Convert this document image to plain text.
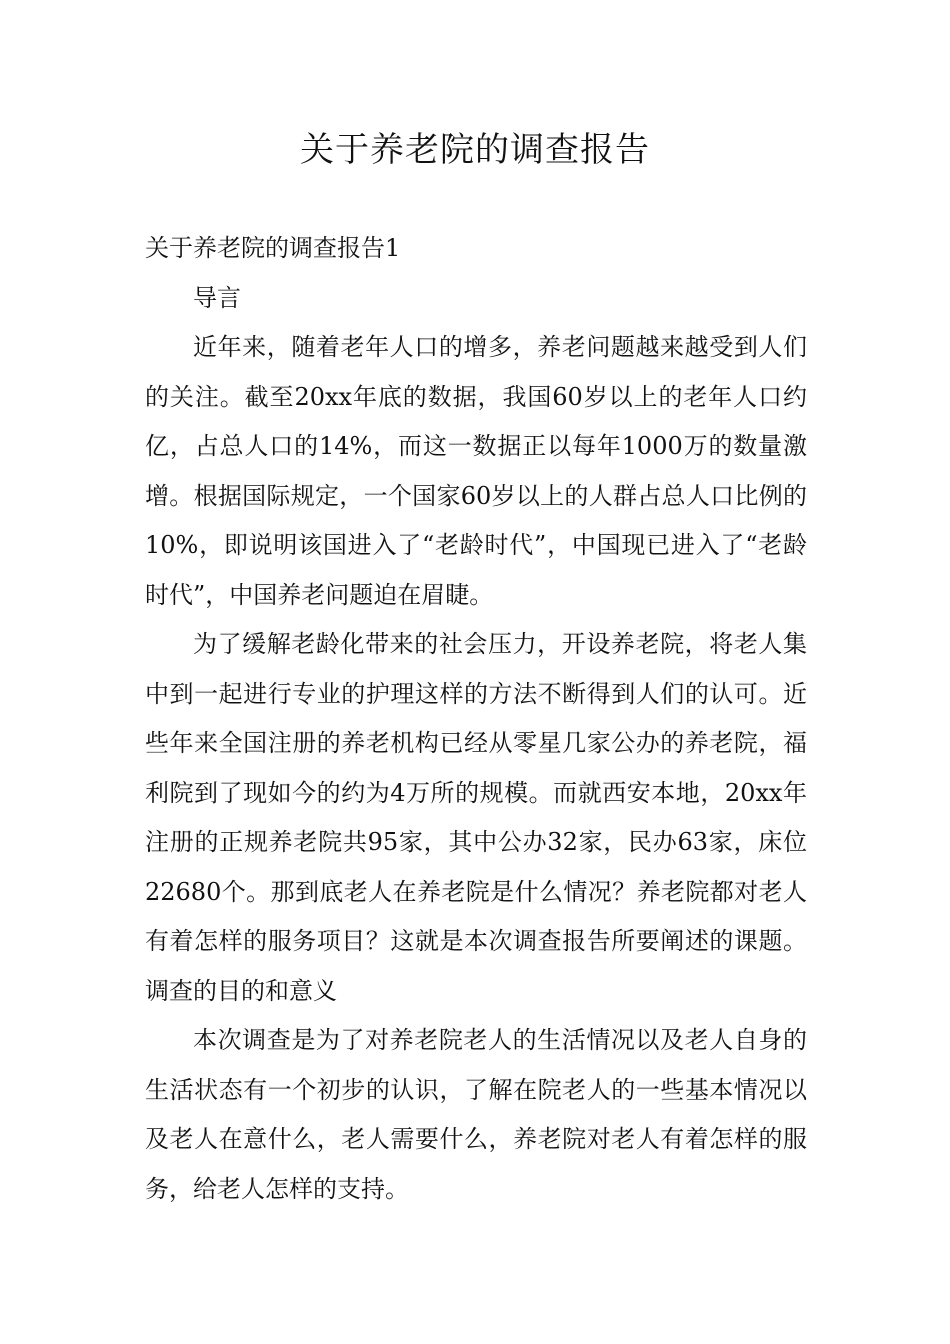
关于养老院的调查报告

关于养老院的调查报告1

导言

近年来，随着老年人口的增多，养老问题越来越受到人们的关注。截至20xx年底的数据，我国60岁以上的老年人口约亿，占总人口的14%，而这一数据正以每年1000万的数量激增。根据国际规定，一个国家60岁以上的人群占总人口比例的10%，即说明该国进入了“老龄时代”，中国现已进入了“老龄时代”，中国养老问题迫在眉睫。

为了缓解老龄化带来的社会压力，开设养老院，将老人集中到一起进行专业的护理这样的方法不断得到人们的认可。近些年来全国注册的养老机构已经从零星几家公办的养老院，福利院到了现如今的约为4万所的规模。而就西安本地，20xx年注册的正规养老院共95家，其中公办32家，民办63家，床位22680个。那到底老人在养老院是什么情况？养老院都对老人有着怎样的服务项目？这就是本次调查报告所要阐述的课题。 调查的目的和意义

本次调查是为了对养老院老人的生活情况以及老人自身的生活状态有一个初步的认识，了解在院老人的一些基本情况以及老人在意什么，老人需要什么，养老院对老人有着怎样的服务，给老人怎样的支持。
